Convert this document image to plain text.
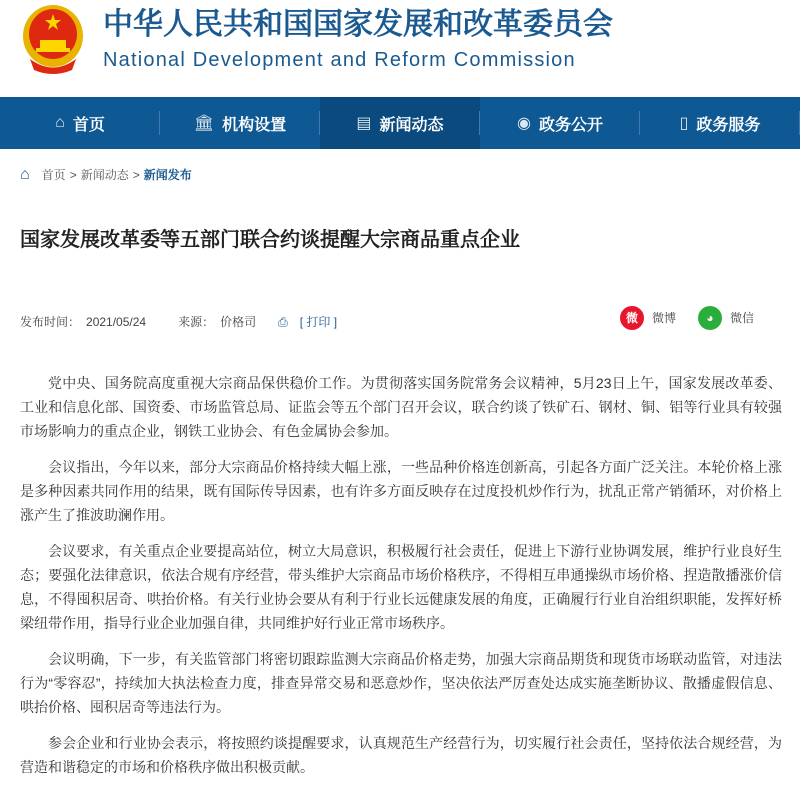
中华人民共和国国家发展和改革委员会
National Development and Reform Commission
⌂ 首页	🏛 机构设置	▤ 新闻动态	◉ 政务公开	▯ 政务服务
⌂ 首页 > 新闻动态 > 新闻发布
国家发展改革委等五部门联合约谈提醒大宗商品重点企业
发布时间： 2021/05/24	来源： 价格司 ⎙ [ 打印 ]	微	微博	◕	微信

党中央、国务院高度重视大宗商品保供稳价工作。为贯彻落实国务院常务会议精神，5月23日上午，国家发展改革委、工业和信息化部、国资委、市场监管总局、证监会等五个部门召开会议，联合约谈了铁矿石、钢材、铜、铝等行业具有较强市场影响力的重点企业，钢铁工业协会、有色金属协会参加。

会议指出，今年以来，部分大宗商品价格持续大幅上涨，一些品种价格连创新高，引起各方面广泛关注。本轮价格上涨是多种因素共同作用的结果，既有国际传导因素，也有许多方面反映存在过度投机炒作行为，扰乱正常产销循环，对价格上涨产生了推波助澜作用。

会议要求，有关重点企业要提高站位，树立大局意识，积极履行社会责任，促进上下游行业协调发展，维护行业良好生态；要强化法律意识，依法合规有序经营，带头维护大宗商品市场价格秩序，不得相互串通操纵市场价格、捏造散播涨价信息，不得囤积居奇、哄抬价格。有关行业协会要从有利于行业长远健康发展的角度，正确履行行业自治组织职能，发挥好桥梁纽带作用，指导行业企业加强自律，共同维护好行业正常市场秩序。

会议明确，下一步，有关监管部门将密切跟踪监测大宗商品价格走势，加强大宗商品期货和现货市场联动监管，对违法行为“零容忍”，持续加大执法检查力度，排查异常交易和恶意炒作，坚决依法严厉查处达成实施垄断协议、散播虚假信息、哄抬价格、囤积居奇等违法行为。

参会企业和行业协会表示，将按照约谈提醒要求，认真规范生产经营行为，切实履行社会责任，坚持依法合规经营，为营造和谐稳定的市场和价格秩序做出积极贡献。
